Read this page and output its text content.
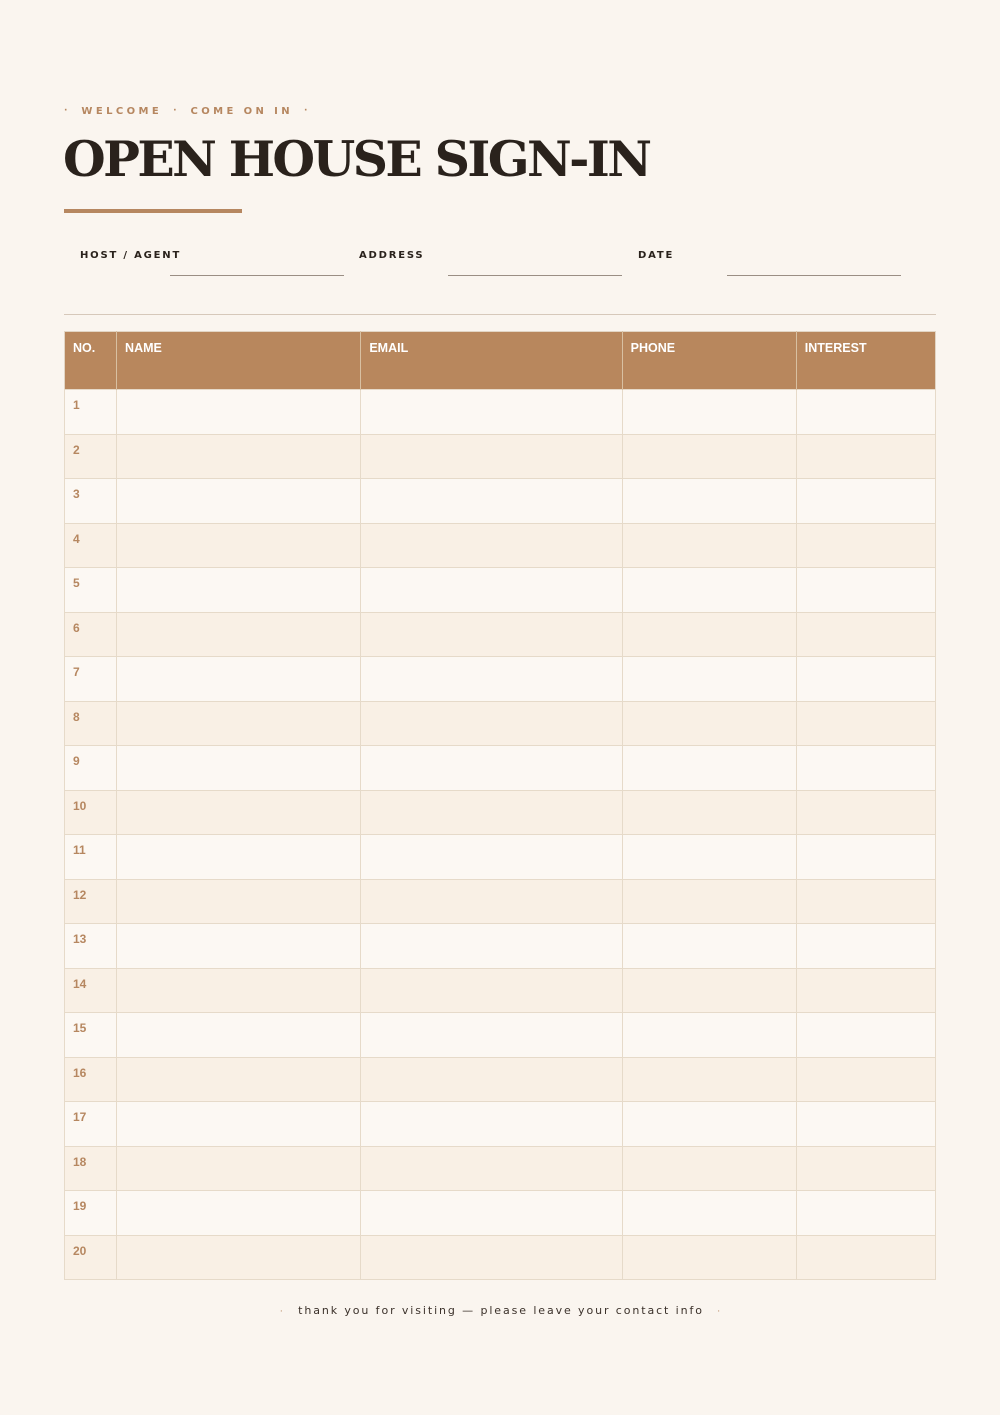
· WELCOME · COME ON IN ·
OPEN HOUSE SIGN-IN
HOST / AGENT	ADDRESS	DATE
NO.	NAME	EMAIL	PHONE	INTEREST
1				
2				
3				
4				
5				
6				
7				
8				
9				
10				
11				
12				
13				
14				
15				
16				
17				
18				
19				
20				
· thank you for visiting — please leave your contact info ·
